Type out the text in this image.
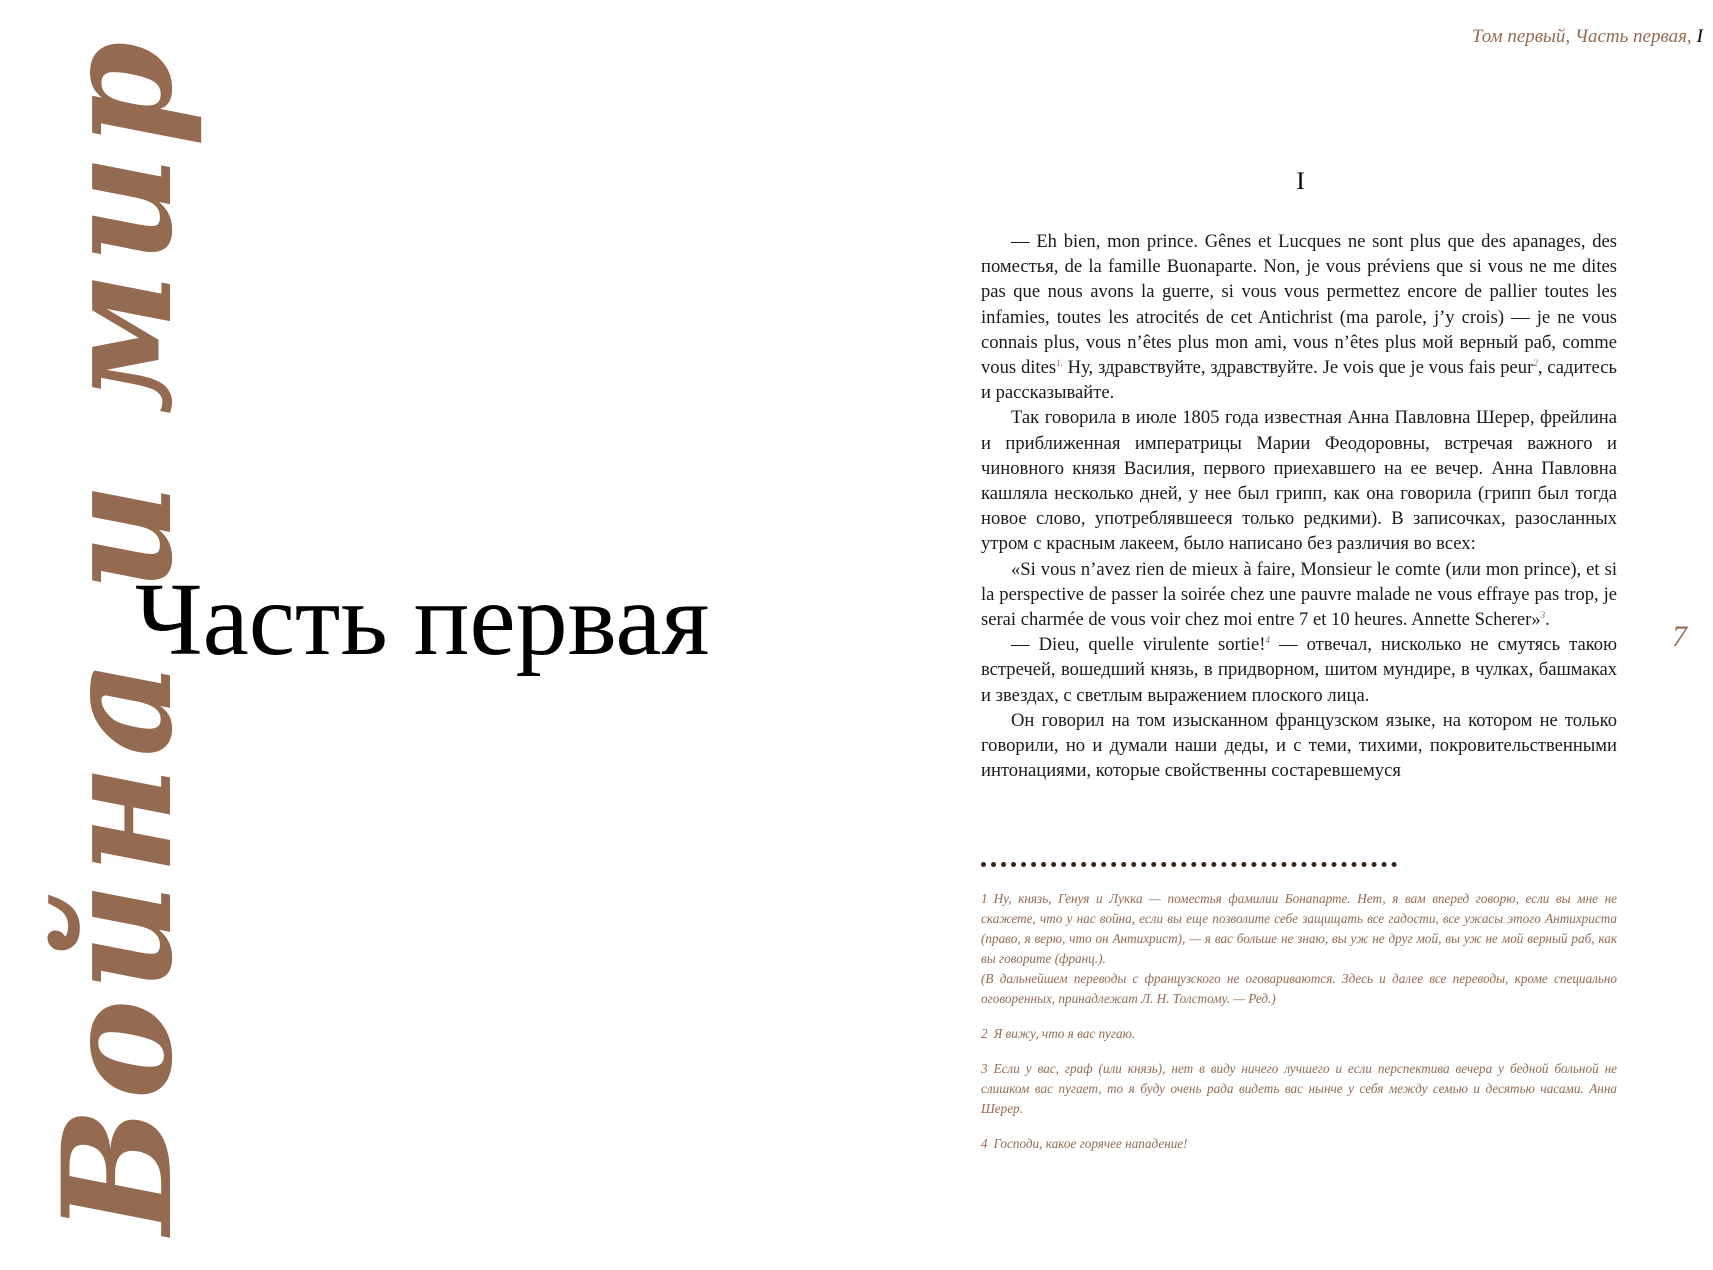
Война и мир
Часть первая
Том первый, Часть первая, I
I

— Eh bien, mon prince. Gênes et Lucques ne sont plus que des apanages, des поместья, de la famille Buonaparte. Non, je vous préviens que si vous ne me dites pas que nous avons la guerre, si vous vous permettez encore de pallier toutes les infamies, toutes les atrocités de cet Antichrist (ma parole, j’y crois) — je ne vous connais plus, vous n’êtes plus mon ami, vous n’êtes plus мой верный раб, comme vous dites$^{1.}$ Ну, здравствуйте, здравствуйте. Je vois que je vous fais peur$^2$, садитесь и рассказывайте.

Так говорила в июле 1805 года известная Анна Павловна Шерер, фрейлина и приближенная императрицы Марии Феодоровны, встречая важного и чиновного князя Василия, первого приехавшего на ее вечер. Анна Павловна кашляла несколько дней, у нее был грипп, как она говорила (грипп был тогда новое слово, употреблявшееся только редкими). В записочках, разосланных утром с красным лакеем, было написано без различия во всех:

«Si vous n’avez rien de mieux à faire, Monsieur le comte (или mon prince), et si la perspective de passer la soirée chez une pauvre malade ne vous effraye pas trop, je serai charmée de vous voir chez moi entre 7 et 10 heures. Annette Scherer»$^3$.

— Dieu, quelle virulente sortie!$^4$ — отвечал, нисколько не смутясь такою встречей, вошедший князь, в придворном, шитом мундире, в чулках, башмаках и звездах, с светлым выражением плоского лица.

Он говорил на том изысканном французском языке, на котором не только говорили, но и думали наши деды, и с теми, тихими, покровительственными интонациями, которые свойственны состаревшемуся

7
1 Ну, князь, Генуя и Лукка — поместья фамилии Бонапарте. Нет, я вам вперед говорю, если вы мне не скажете, что у нас война, если вы еще позволите себе защищать все гадости, все ужасы этого Антихриста (право, я верю, что он Антихрист), — я вас больше не знаю, вы уж не друг мой, вы уж не мой верный раб, как вы говорите (франц.).
(В дальнейшем переводы с французского не оговариваются. Здесь и далее все переводы, кроме специально оговоренных, принадлежат Л. Н. Толстому. — Ред.)
2 Я вижу, что я вас пугаю.
3 Если у вас, граф (или князь), нет в виду ничего лучшего и если перспектива вечера у бедной больной не слишком вас пугает, то я буду очень рада видеть вас нынче у себя между семью и десятью часами. Анна Шерер.
4 Господи, какое горячее нападение!
